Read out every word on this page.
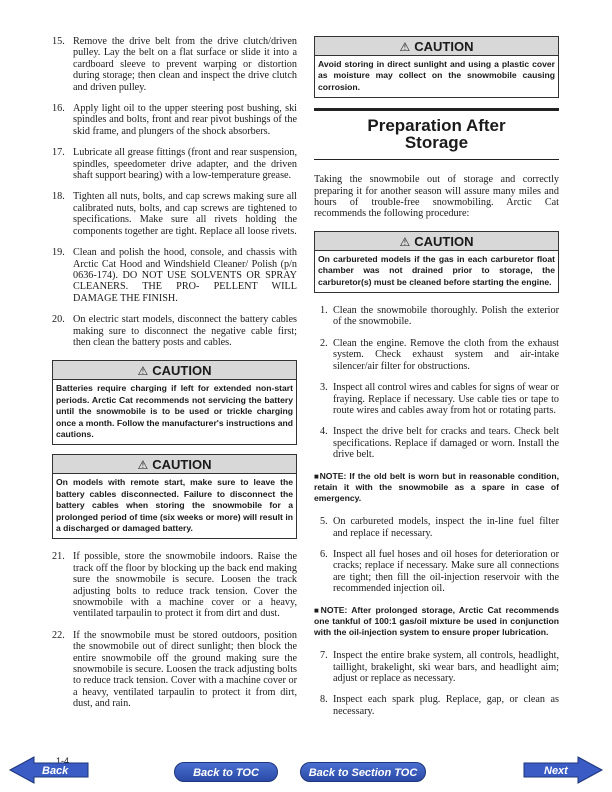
15. Remove the drive belt from the drive clutch/driven pulley. Lay the belt on a flat surface or slide it into a cardboard sleeve to prevent warping or distortion during storage; then clean and inspect the drive clutch and driven pulley.
16. Apply light oil to the upper steering post bushing, ski spindles and bolts, front and rear pivot bushings of the skid frame, and plungers of the shock absorbers.
17. Lubricate all grease fittings (front and rear suspension, spindles, speedometer drive adapter, and the driven shaft support bearing) with a low-temperature grease.
18. Tighten all nuts, bolts, and cap screws making sure all calibrated nuts, bolts, and cap screws are tightened to specifications. Make sure all rivets holding the components together are tight. Replace all loose rivets.
19. Clean and polish the hood, console, and chassis with Arctic Cat Hood and Windshield Cleaner/ Polish (p/n 0636-174). DO NOT USE SOLVENTS OR SPRAY CLEANERS. THE PRO- PELLENT WILL DAMAGE THE FINISH.
20. On electric start models, disconnect the battery cables making sure to disconnect the negative cable first; then clean the battery posts and cables.
⚠ CAUTION
Batteries require charging if left for extended non-start periods. Arctic Cat recommends not servicing the battery until the snowmobile is to be used or trickle charging once a month. Follow the manufacturer's instructions and cautions.
⚠ CAUTION
On models with remote start, make sure to leave the battery cables disconnected. Failure to disconnect the battery cables when storing the snowmobile for a prolonged period of time (six weeks or more) will result in a discharged or damaged battery.
21. If possible, store the snowmobile indoors. Raise the track off the floor by blocking up the back end making sure the snowmobile is secure. Loosen the track adjusting bolts to reduce track tension. Cover the snowmobile with a machine cover or a heavy, ventilated tarpaulin to protect it from dirt and dust.
22. If the snowmobile must be stored outdoors, position the snowmobile out of direct sunlight; then block the entire snowmobile off the ground making sure the snowmobile is secure. Loosen the track adjusting bolts to reduce track tension. Cover with a machine cover or a heavy, ventilated tarpaulin to protect it from dirt, dust, and rain.
⚠ CAUTION
Avoid storing in direct sunlight and using a plastic cover as moisture may collect on the snowmobile causing corrosion.
Preparation After
Storage

Taking the snowmobile out of storage and correctly preparing it for another season will assure many miles and hours of trouble-free snowmobiling. Arctic Cat recommends the following procedure:

⚠ CAUTION
On carbureted models if the gas in each carburetor float chamber was not drained prior to storage, the carburetor(s) must be cleaned before starting the engine.
1. Clean the snowmobile thoroughly. Polish the exterior of the snowmobile.
2. Clean the engine. Remove the cloth from the exhaust system. Check exhaust system and air-intake silencer/air filter for obstructions.
3. Inspect all control wires and cables for signs of wear or fraying. Replace if necessary. Use cable ties or tape to route wires and cables away from hot or rotating parts.
4. Inspect the drive belt for cracks and tears. Check belt specifications. Replace if damaged or worn. Install the drive belt.

■NOTE: If the old belt is worn but in reasonable condition, retain it with the snowmobile as a spare in case of emergency.

5. On carbureted models, inspect the in-line fuel filter and replace if necessary.
6. Inspect all fuel hoses and oil hoses for deterioration or cracks; replace if necessary. Make sure all connections are tight; then fill the oil-injection reservoir with the recommended injection oil.

■NOTE: After prolonged storage, Arctic Cat recommends one tankful of 100:1 gas/oil mixture be used in conjunction with the oil-injection system to ensure proper lubrication.

7. Inspect the entire brake system, all controls, headlight, taillight, brakelight, ski wear bars, and headlight aim; adjust or replace as necessary.
8. Inspect each spark plug. Replace, gap, or clean as necessary.
1-4
Back	Back to TOC	Back to Section TOC	Next
